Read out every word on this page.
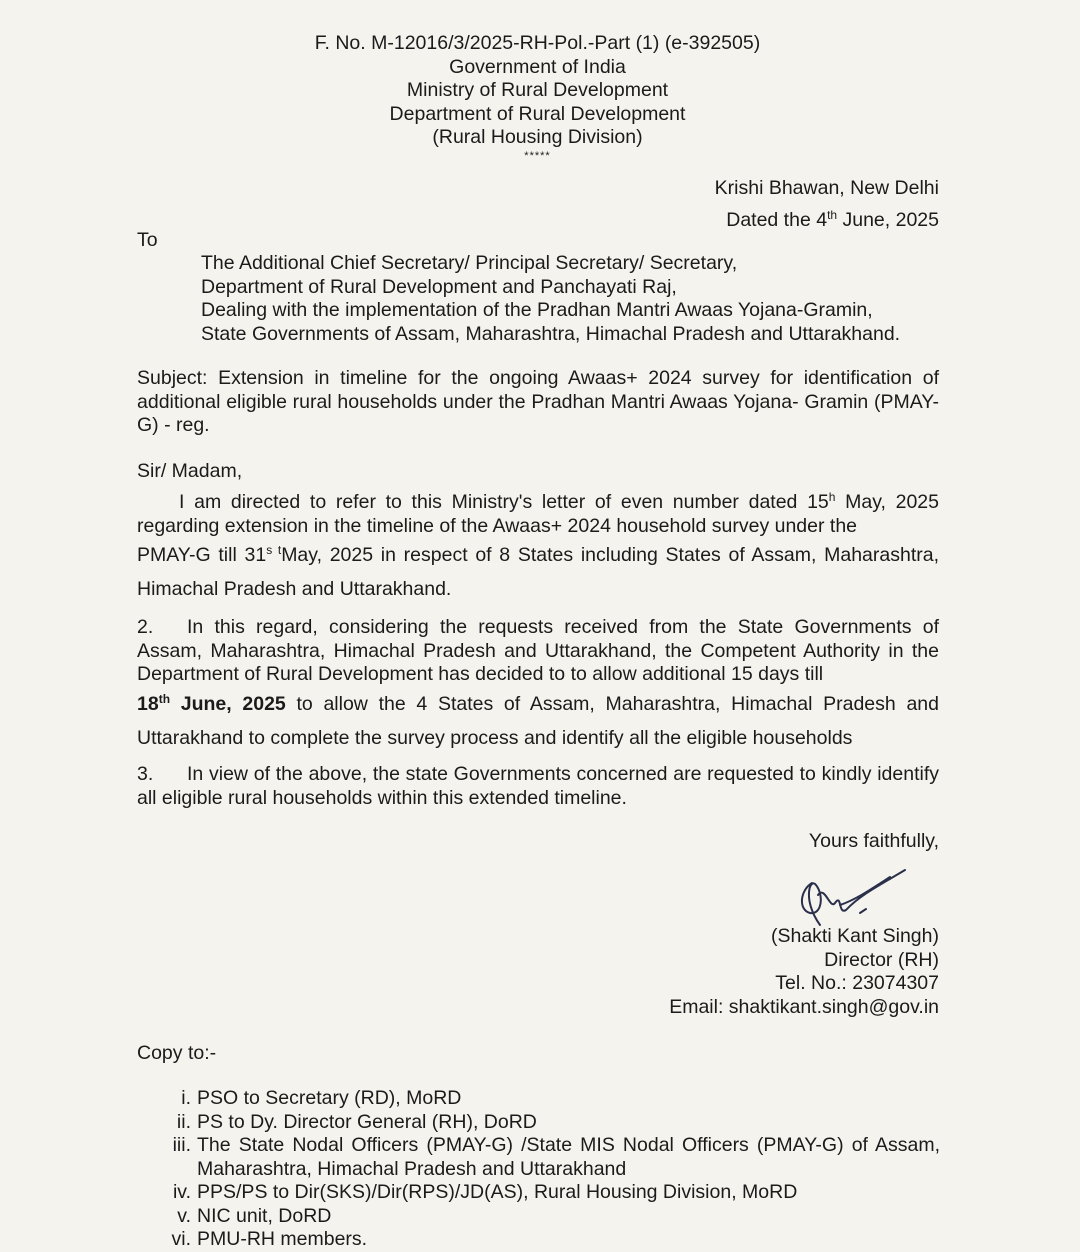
F. No. M-12016/3/2025-RH-Pol.-Part (1) (e-392505)
Government of India
Ministry of Rural Development
Department of Rural Development
(Rural Housing Division)
*****
Krishi Bhawan, New Delhi
Dated the 4th June, 2025
To
The Additional Chief Secretary/ Principal Secretary/ Secretary,
Department of Rural Development and Panchayati Raj,
Dealing with the implementation of the Pradhan Mantri Awaas Yojana-Gramin,
State Governments of Assam, Maharashtra, Himachal Pradesh and Uttarakhand.
Subject: Extension in timeline for the ongoing Awaas+ 2024 survey for identification of additional eligible rural households under the Pradhan Mantri Awaas Yojana- Gramin (PMAY-G) - reg.
Sir/ Madam,
I am directed to refer to this Ministry's letter of even number dated 15$^h$ May, 2025 regarding extension in the timeline of the Awaas+ 2024 household survey under the
PMAY-G till $31^{s t}May$, 2025 in respect of 8 States including States of Assam, Maharashtra, Himachal Pradesh and Uttarakhand.
2. In this regard, considering the requests received from the State Governments of Assam, Maharashtra, Himachal Pradesh and Uttarakhand, the Competent Authority in the Department of Rural Development has decided to to allow additional 15 days till
18th June, 2025 to allow the 4 States of Assam, Maharashtra, Himachal Pradesh and Uttarakhand to complete the survey process and identify all the eligible households
3. In view of the above, the state Governments concerned are requested to kindly identify all eligible rural households within this extended timeline.
Yours faithfully,
(Shakti Kant Singh)
Director (RH)
Tel. No.: 23074307
Email: shaktikant.singh@gov.in
Copy to:-
i. PSO to Secretary (RD), MoRD
ii. PS to Dy. Director General (RH), DoRD
iii. The State Nodal Officers (PMAY-G) /State MIS Nodal Officers (PMAY-G) of Assam, Maharashtra, Himachal Pradesh and Uttarakhand
iv. PPS/PS to Dir(SKS)/Dir(RPS)/JD(AS), Rural Housing Division, MoRD
v. NIC unit, DoRD
vi. PMU-RH members.
